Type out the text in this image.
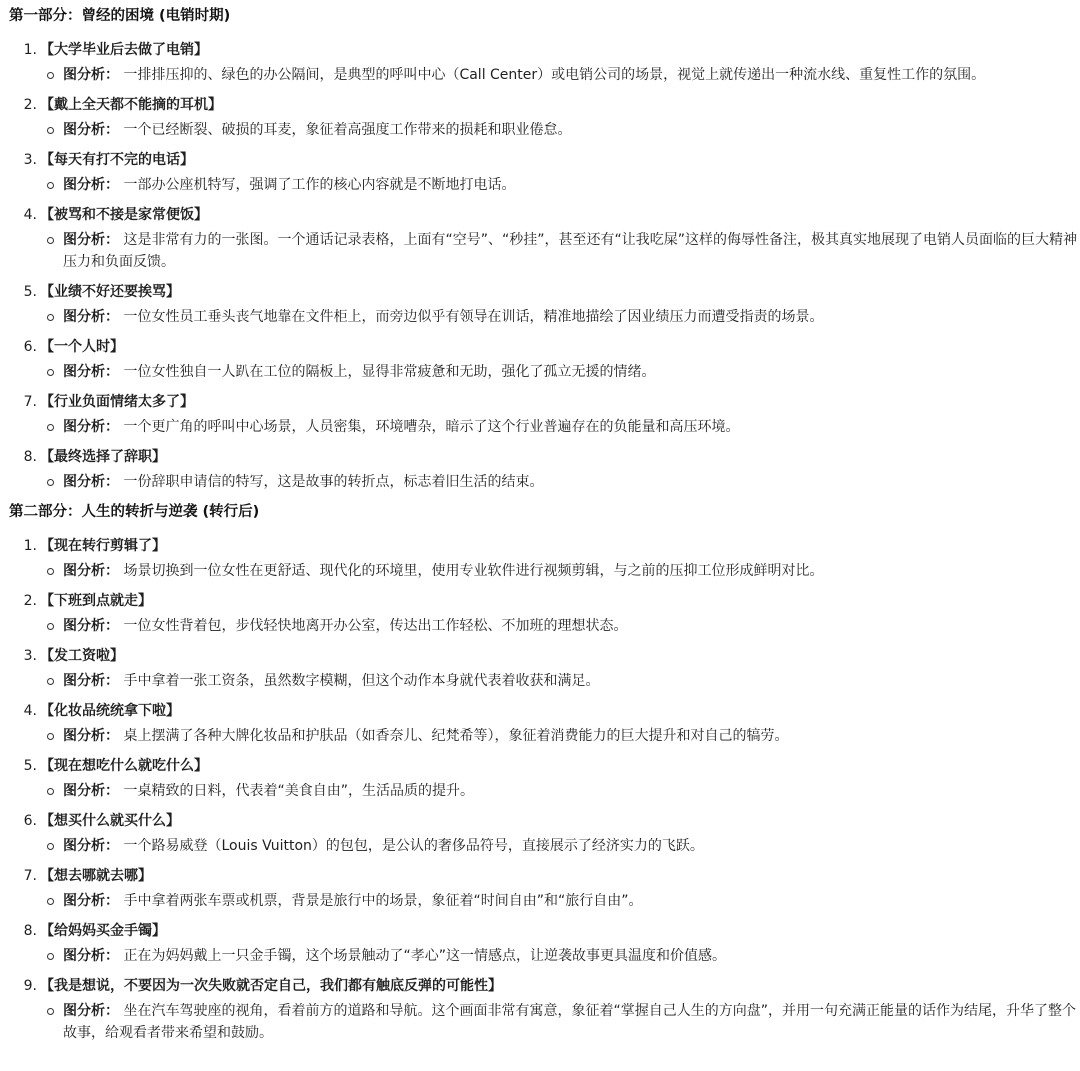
第一部分：曾经的困境 (电销时期)
1. 【大学毕业后去做了电销】
图分析： 一排排压抑的、绿色的办公隔间，是典型的呼叫中心（Call Center）或电销公司的场景，视觉上就传递出一种流水线、重复性工作的氛围。
2. 【戴上全天都不能摘的耳机】
图分析： 一个已经断裂、破损的耳麦，象征着高强度工作带来的损耗和职业倦怠。
3. 【每天有打不完的电话】
图分析： 一部办公座机特写，强调了工作的核心内容就是不断地打电话。
4. 【被骂和不接是家常便饭】
图分析： 这是非常有力的一张图。一个通话记录表格，上面有“空号”、“秒挂”，甚至还有“让我吃屎”这样的侮辱性备注，极其真实地展现了电销人员面临的巨大精神压力和负面反馈。
5. 【业绩不好还要挨骂】
图分析： 一位女性员工垂头丧气地靠在文件柜上，而旁边似乎有领导在训话，精准地描绘了因业绩压力而遭受指责的场景。
6. 【一个人时】
图分析： 一位女性独自一人趴在工位的隔板上，显得非常疲惫和无助，强化了孤立无援的情绪。
7. 【行业负面情绪太多了】
图分析： 一个更广角的呼叫中心场景，人员密集，环境嘈杂，暗示了这个行业普遍存在的负能量和高压环境。
8. 【最终选择了辞职】
图分析： 一份辞职申请信的特写，这是故事的转折点，标志着旧生活的结束。
第二部分：人生的转折与逆袭 (转行后)
1. 【现在转行剪辑了】
图分析： 场景切换到一位女性在更舒适、现代化的环境里，使用专业软件进行视频剪辑，与之前的压抑工位形成鲜明对比。
2. 【下班到点就走】
图分析： 一位女性背着包，步伐轻快地离开办公室，传达出工作轻松、不加班的理想状态。
3. 【发工资啦】
图分析： 手中拿着一张工资条，虽然数字模糊，但这个动作本身就代表着收获和满足。
4. 【化妆品统统拿下啦】
图分析： 桌上摆满了各种大牌化妆品和护肤品（如香奈儿、纪梵希等），象征着消费能力的巨大提升和对自己的犒劳。
5. 【现在想吃什么就吃什么】
图分析： 一桌精致的日料，代表着“美食自由”，生活品质的提升。
6. 【想买什么就买什么】
图分析： 一个路易威登（Louis Vuitton）的包包，是公认的奢侈品符号，直接展示了经济实力的飞跃。
7. 【想去哪就去哪】
图分析： 手中拿着两张车票或机票，背景是旅行中的场景，象征着“时间自由”和“旅行自由”。
8. 【给妈妈买金手镯】
图分析： 正在为妈妈戴上一只金手镯，这个场景触动了“孝心”这一情感点，让逆袭故事更具温度和价值感。
9. 【我是想说，不要因为一次失败就否定自己，我们都有触底反弹的可能性】
图分析： 坐在汽车驾驶座的视角，看着前方的道路和导航。这个画面非常有寓意，象征着“掌握自己人生的方向盘”，并用一句充满正能量的话作为结尾，升华了整个故事，给观看者带来希望和鼓励。
